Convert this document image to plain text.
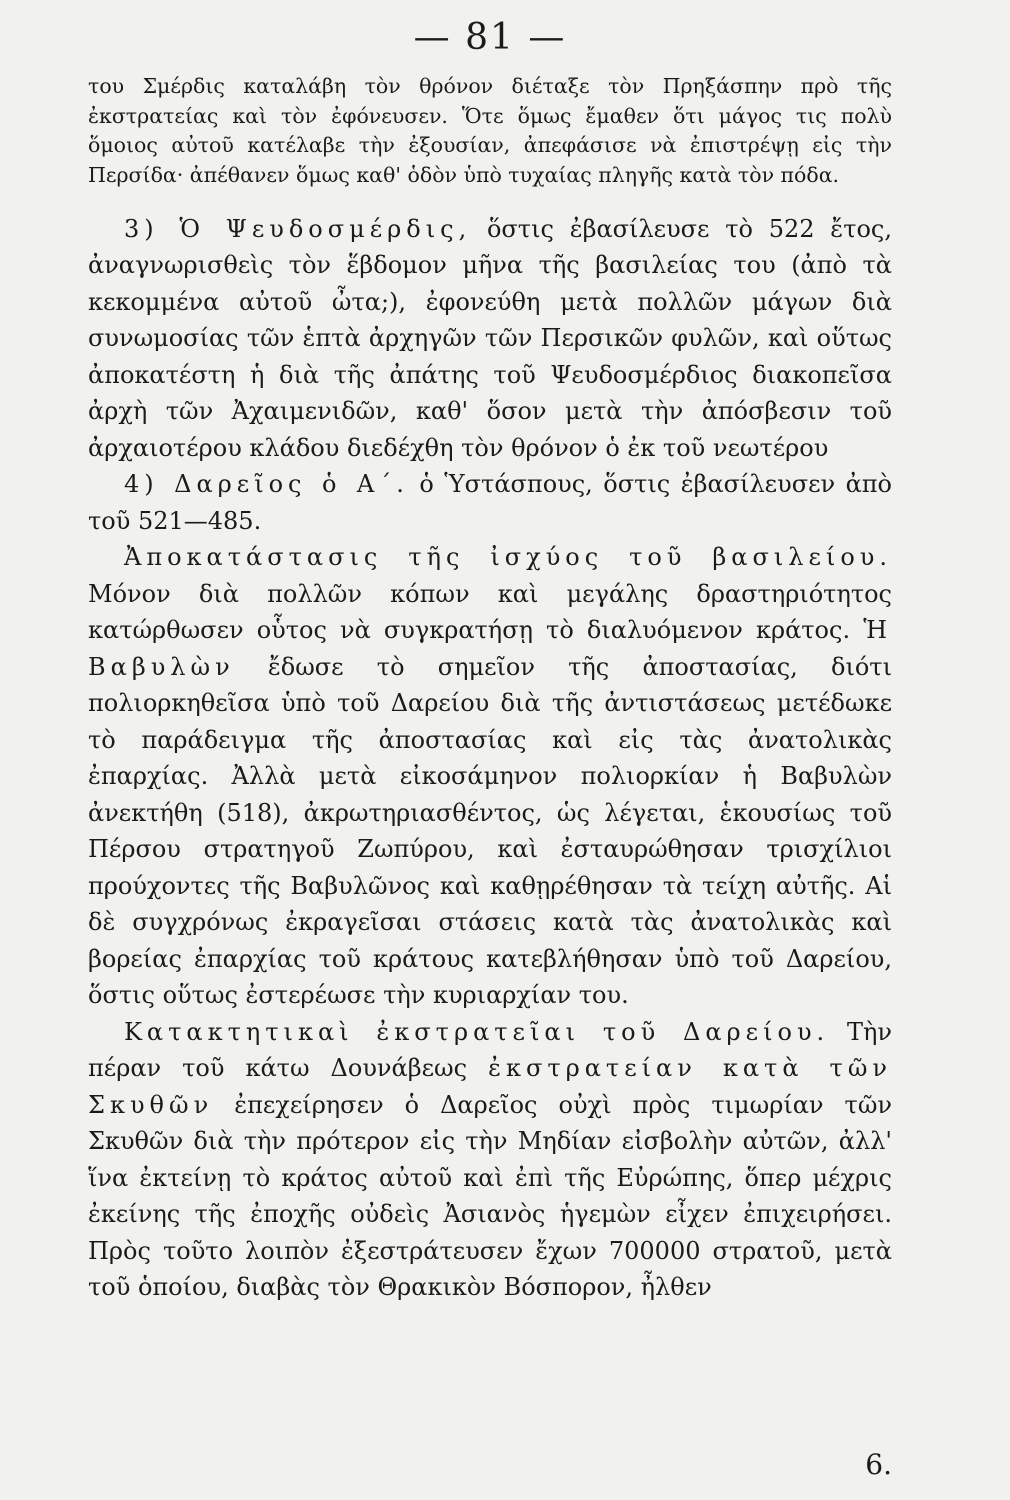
— 81 —

του Σμέρδις καταλάβη τὸν θρόνον διέταξε τὸν Πρηξάσπην πρὸ τῆς ἐκστρατείας καὶ τὸν ἐφόνευσεν. Ὅτε ὅμως ἔμαθεν ὅτι μάγος τις πολὺ ὅμοιος αὐτοῦ κατέλαβε τὴν ἐξουσίαν, ἀπεφάσισε νὰ ἐπιστρέψῃ εἰς τὴν Περσίδα· ἀπέθανεν ὅμως καθ' ὁδὸν ὑπὸ τυχαίας πληγῆς κατὰ τὸν πόδα.

3) Ὁ Ψευδοσμέρδις, ὅστις ἐβασίλευσε τὸ 522 ἔτος, ἀναγνωρισθεὶς τὸν ἕβδομον μῆνα τῆς βασιλείας του (ἀπὸ τὰ κεκομμένα αὐτοῦ ὦτα;), ἐφονεύθη μετὰ πολλῶν μάγων διὰ συνωμοσίας τῶν ἑπτὰ ἀρχηγῶν τῶν Περσικῶν φυλῶν, καὶ οὕτως ἀποκατέστη ἡ διὰ τῆς ἀπάτης τοῦ Ψευδοσμέρδιος διακοπεῖσα ἀρχὴ τῶν Ἀχαιμενιδῶν, καθ' ὅσον μετὰ τὴν ἀπόσβεσιν τοῦ ἀρχαιοτέρου κλάδου διεδέχθη τὸν θρόνον ὁ ἐκ τοῦ νεωτέρου

4) Δαρεῖος ὁ Α΄. ὁ Ὑστάσπους, ὅστις ἐβασίλευσεν ἀπὸ τοῦ 521—485.

Ἀποκατάστασις τῆς ἰσχύος τοῦ βασιλείου. Μόνον διὰ πολλῶν κόπων καὶ μεγάλης δραστηριότητος κατώρθωσεν οὗτος νὰ συγκρατήσῃ τὸ διαλυόμενον κράτος. Ἡ Βαβυλὼν ἔδωσε τὸ σημεῖον τῆς ἀποστασίας, διότι πολιορκηθεῖσα ὑπὸ τοῦ Δαρείου διὰ τῆς ἀντιστάσεως μετέδωκε τὸ παράδειγμα τῆς ἀποστασίας καὶ εἰς τὰς ἀνατολικὰς ἐπαρχίας. Ἀλλὰ μετὰ εἰκοσάμηνον πολιορκίαν ἡ Βαβυλὼν ἀνεκτήθη (518), ἀκρωτηριασθέντος, ὡς λέγεται, ἑκουσίως τοῦ Πέρσου στρατηγοῦ Ζωπύρου, καὶ ἐσταυρώθησαν τρισχίλιοι προύχοντες τῆς Βαβυλῶνος καὶ καθῃρέθησαν τὰ τείχη αὐτῆς. Αἱ δὲ συγχρόνως ἐκραγεῖσαι στάσεις κατὰ τὰς ἀνατολικὰς καὶ βορείας ἐπαρχίας τοῦ κράτους κατεβλήθησαν ὑπὸ τοῦ Δαρείου, ὅστις οὕτως ἐστερέωσε τὴν κυριαρχίαν του.

Κατακτητικαὶ ἐκστρατεῖαι τοῦ Δαρείου. Τὴν πέραν τοῦ κάτω Δουνάβεως ἐκστρατείαν κατὰ τῶν Σκυθῶν ἐπεχείρησεν ὁ Δαρεῖος οὐχὶ πρὸς τιμωρίαν τῶν Σκυθῶν διὰ τὴν πρότερον εἰς τὴν Μηδίαν εἰσβολὴν αὐτῶν, ἀλλ' ἵνα ἐκτείνῃ τὸ κράτος αὐτοῦ καὶ ἐπὶ τῆς Εὐρώπης, ὅπερ μέχρις ἐκείνης τῆς ἐποχῆς οὐδεὶς Ἀσιανὸς ἡγεμὼν εἶχεν ἐπιχειρήσει. Πρὸς τοῦτο λοιπὸν ἐξεστράτευσεν ἔχων 700000 στρατοῦ, μετὰ τοῦ ὁποίου, διαβὰς τὸν Θρακικὸν Βόσπορον, ἦλθεν

6.
